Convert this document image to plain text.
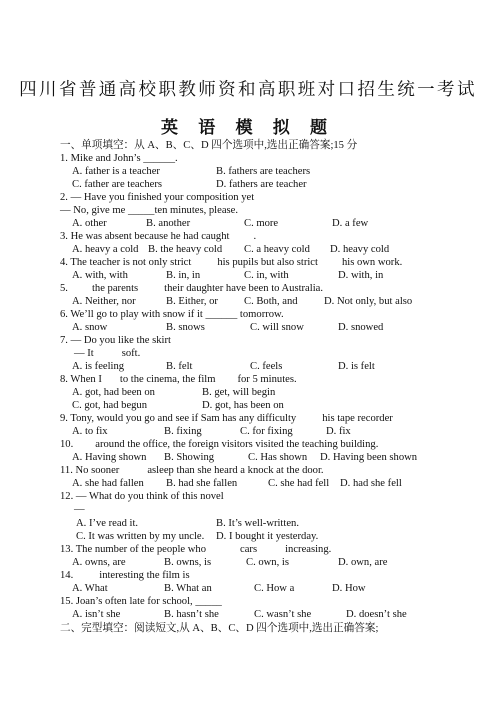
四川省普通高校职教师资和高职班对口招生统一考试
英 语 模 拟 题
一、单项填空：从 A、B、C、D 四个选项中,选出正确答案;15 分
1. Mike and John’s ______.
A. father is a teacher	B. fathers are teachers
C. father are teachers	D. fathers are teacher
2. — Have you finished your composition yet
— No, give me _____ten minutes, please.
A. other	B. another	C. more	D. a few
3. He was absent because he had caught .
A. heavy a cold B. the heavy cold C. a heavy cold D. heavy cold
4. The teacher is not only strict his pupils but also strict his own work.
A. with, with	B. in, in	C. in, with	D. with, in
5. the parents their daughter have been to Australia.
A. Neither, nor	B. Either, or C. Both, and D. Not only, but also
6. We’ll go to play with snow if it ______ tomorrow.
A. snow	B. snows	C. will snow	D. snowed
7. — Do you like the skirt
— It	soft.
A. is feeling	B. felt	C. feels	D. is felt
8. When I to the cinema, the film for 5 minutes.
A. got, had been on	B. get, will begin
C. got, had begun	D. got, has been on
9. Tony, would you go and see if Sam has any difficulty his tape recorder
A. to fix	B. fixing	C. for fixing	D. fix
10. around the office, the foreign visitors visited the teaching building.
A. Having shown B. Showing	C. Has shown D. Having been shown
11. No sooner	asleep than she heard a knock at the door.
A. she had fallen B. had she fallen	C. she had fell D. had she fell
12. — What do you think of this novel
—
A. I’ve read it.	B. It’s well-written.
C. It was written by my uncle. D. I bought it yesterday.
13. The number of the people who	cars	increasing.
A. owns, are	B. owns, is	C. own, is	D. own, are
14. interesting the film is
A. What	B. What an	C. How a	D. How
15. Joan’s often late for school, _____
A. isn’t she	B. hasn’t she	C. wasn’t she	D. doesn’t she
二、完型填空：阅读短文,从 A、B、C、D 四个选项中,选出正确答案;
